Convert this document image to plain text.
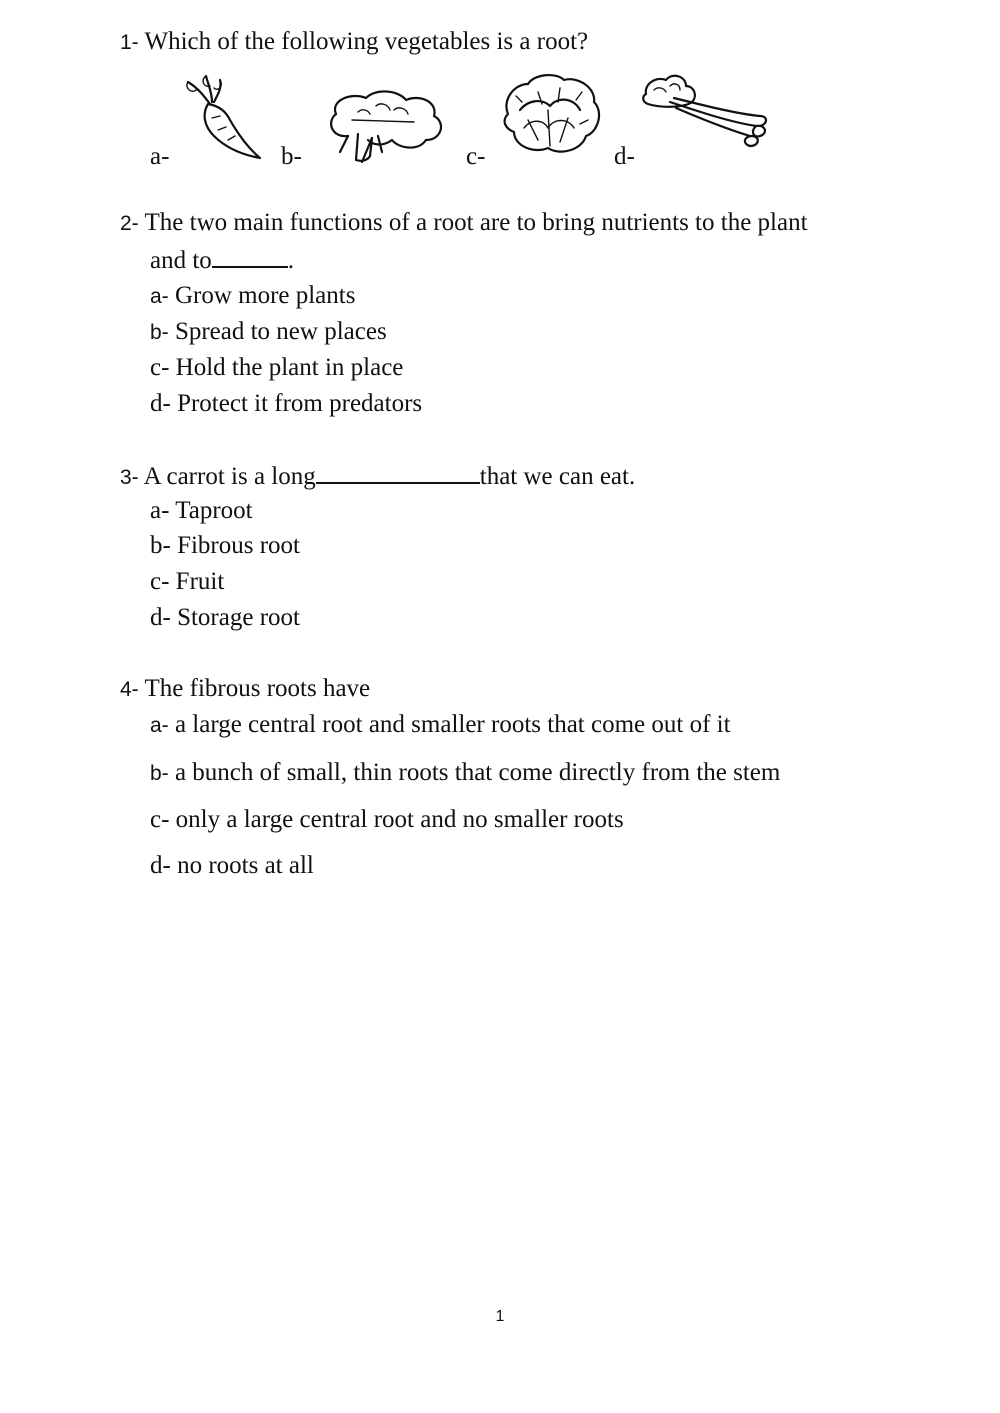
1- Which of the following vegetables is a root?
a-	b-	c-	d-
2- The two main functions of a root are to bring nutrients to the plant
and to	.
a- Grow more plants
b- Spread to new places
c- Hold the plant in place
d- Protect it from predators
3- A carrot is a long	that we can eat.
a- Taproot
b- Fibrous root
c- Fruit
d- Storage root
4- The fibrous roots have
a- a large central root and smaller roots that come out of it
b- a bunch of small, thin roots that come directly from the stem
c- only a large central root and no smaller roots
d- no roots at all
1
